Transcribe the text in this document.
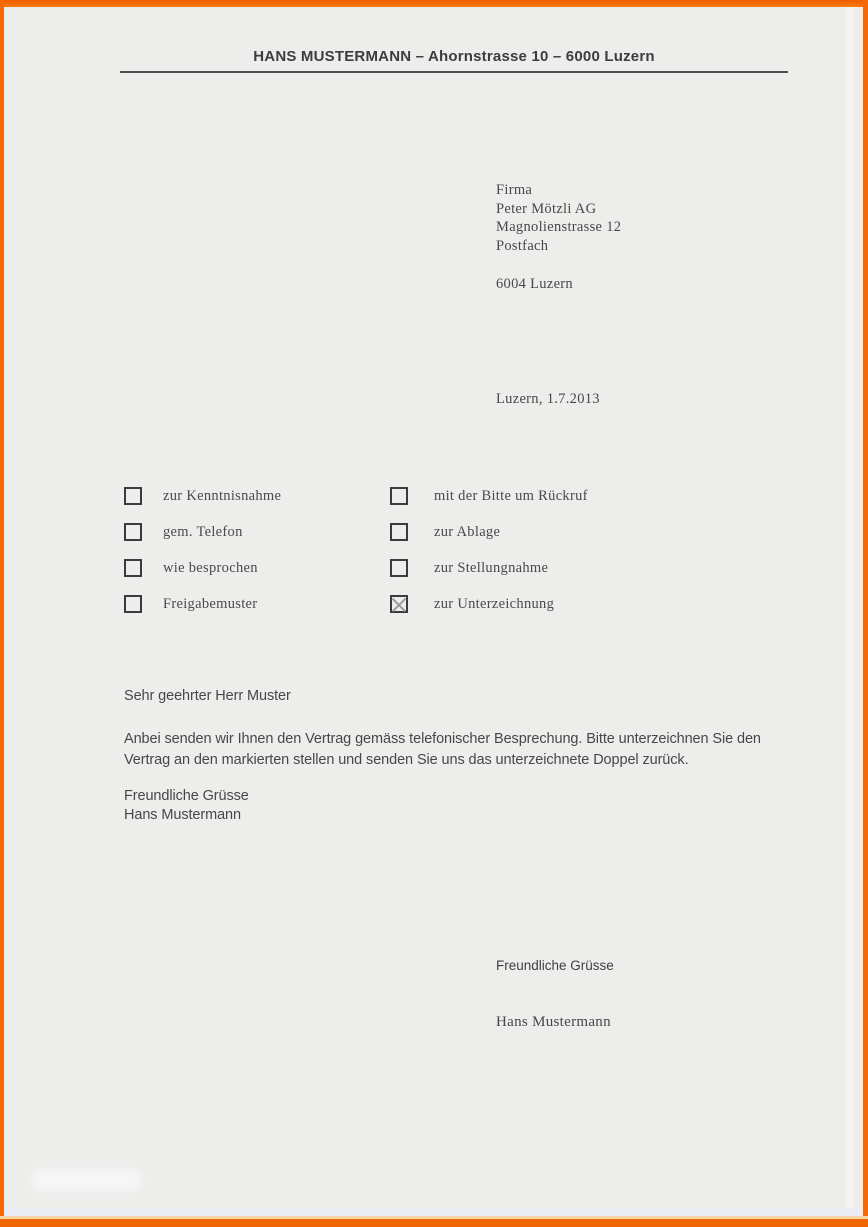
HANS MUSTERMANN – Ahornstrasse 10 – 6000 Luzern
Firma
Peter Mötzli AG
Magnolienstrasse 12
Postfach
6004 Luzern
Luzern, 1.7.2013
zur Kenntnisnahme
gem. Telefon
wie besprochen
Freigabemuster
mit der Bitte um Rückruf
zur Ablage
zur Stellungnahme
zur Unterzeichnung
Sehr geehrter Herr Muster

Anbei senden wir Ihnen den Vertrag gemäss telefonischer Besprechung. Bitte unterzeichnen Sie den Vertrag an den markierten stellen und senden Sie uns das unterzeichnete Doppel zurück.

Freundliche Grüsse
Hans Mustermann
Freundliche Grüsse
Hans Mustermann
